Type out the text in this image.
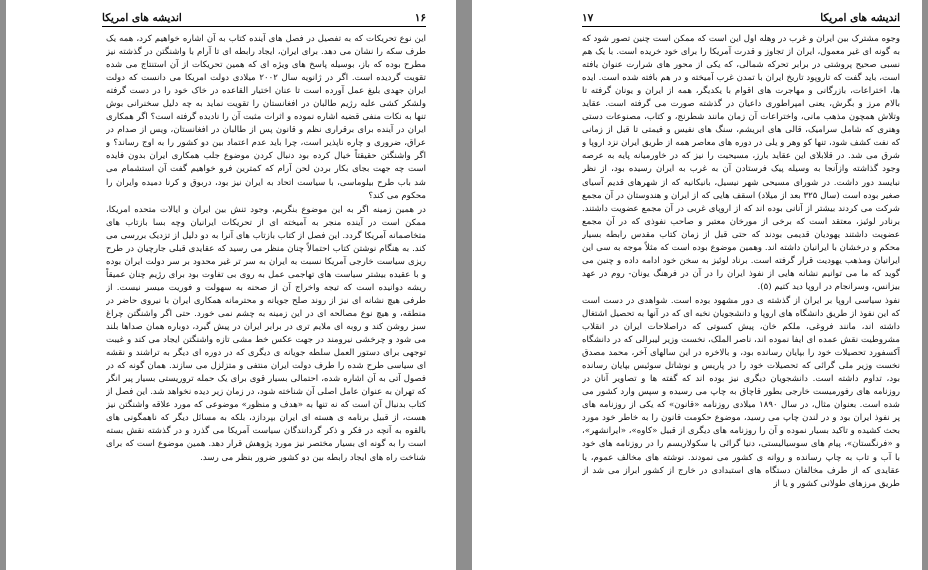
۱۶
اندیشه های امریکا

این نوع تحریکات که به تفصیل در فصل های آینده کتاب به آن اشاره خواهیم کرد، همه یک طرف سکه را نشان می دهد. برای ایران، ایجاد رابطه ای تا آرام با واشنگتن در گذشته نیز مطرح بوده که باز، بوسیله پاسخ های ویژه ای که همین تحریکات از آن استنتاج می شده تقویت گردیده است. اگر در ژانویه سال ۲۰۰۲ میلادی دولت امریکا می دانست که دولت ایران جهدی بلیغ عمل آورده است تا عنان اختیار القاعده در خاک خود را در دست گرفته ولشکر کشی علیه رژیم طالبان در افغانستان را تقویت نماید به چه دلیل سخنرانی بوش تنها به نکات منفی قضیه اشاره نموده و اثرات مثبت آن را نادیده گرفته است؟ اگر همکاری ایران در آینده برای برقراری نظم و قانون پس از طالبان در افغانستان، ویس از صدام در عراق، ضروری و چاره ناپذیر است، چرا باید عدم اعتماد بین دو کشور را به اوج رساند؟ و اگر واشنگتن حقیقتاً خیال کرده بود دنبال کردن موضوع جلب همکاری ایران بدون فایده است چه جهت بجای بکار بردن لحن آرام که کمترین فرو خواهیم گفت آن استشمام می شد باب طرح بیلوماسی، با سیاست اتحاد به ایران نیز بود، دربوق و کرنا دمیده وایران را محکوم می کند؟

در همین زمینه اگر به این موضوع بنگریم، وجود تنش بین ایران و ایالات متحده امریکا، ممکن است در آینده منجر به آمیخته ای از تحریکات ایرانیان وچه بسا بازتاب های متخاصمانه آمریکا گردد. این فصل از کتاب بازتاب های آنرا به دو دلیل از تزدیک بررسی می کند. به هنگام نوشتن کتاب احتمالاً چنان منظر می رسید که عقایدی قبلی جارچیان در طرح ریزی سیاست خارجی آمریکا نسبت به ایران به سر تر غیر محدود بر سر دولت ایران بوده و با عقیده بیشتر سیاست های تهاجمی عمل به روی بی تفاوت بود برای رژیم چنان عمیقاً ریشه دوانیده است که تیجه واخراج آن از صحنه به سهولت و فوریت میسر نیست. از طرفی هیچ نشانه ای نیز از روند صلح جویانه و محترمانه همکاری ایران با نیروی حاضر در منطقه، و هیچ نوع مصالحه ای در این زمینه به چشم نمی خورد. حتی اگر واشنگتن چراغ سبز روشن کند و روبه ای ملایم تری در برابر ایران در پیش گیرد، دوباره همان صداها بلند می شود و چرخشی نیرومند در جهت عکس خط مشی تازه واشنگتن ایجاد می کند و غیبت توجهی برای دستور العمل سلطه جویانه ی دیگری که در دوره ای دیگر به تراشند و نقشه ای سیاسی طرح شده را طرف دولت ایران منتفی و متزلزل می سازند. همان گونه که در فصول آتی به آن اشاره شده، احتمالی بسیار قوی برای یک حمله تروریستی بسیار پیر انگر که تهران به عنوان عامل اصلی آن شناخته شود، در زمان زیر دیده نخواهد شد. این فصل از کتاب بدنبال آن است که نه تنها به «هدف و منظور» موضوعی که مورد علاقه واشنگتن نیز هست، از قبیل برنامه ی هسته ای ایران بپردازد، بلکه به مسائل دیگر که ناهمگونی های بالقوه به آنچه در فکر و ذکر گردانندگان سیاست آمریکا می گذرد و در گذشته نقش بسته است را به گونه ای بسیار مختصر نیز مورد پژوهش قرار دهد. همین موضوع است که برای شناخت راه های ایجاد رابطه بین دو کشور ضرور بنظر می رسد.

اندیشه های امریکا
۱۷

وجوه مشترک بین ایران و غرب در وهله اول این است که ممکن است چنین تصور شود که به گونه ای غیر معمول، ایران از تجاوز و قدرت آمریکا را برای خود خریده است. با یک هم نسبی صحیح پروشتی در برابر تحرکه شمالی، که یکی از محور های شرارت عنوان یافته است، باید گفت که تاروپود تاریخ ایران با تمدن غرب آمیخته و در هم بافته شده است. ایده ها، اختراعات، بازرگانی و مهاجرت های اقوام با یکدیگر، همه از ایران و یونان گرفته تا بالام مرز و بگرش، یعنی امپراطوری داعیان در گذشته صورت می گرفته است. عقاید وتلاش همچون مذهب مانی، واختراعات آن زمان مانند شطرنج، و کتاب، مصنوعات دستی وهنری که شامل سرامیک، قالی های ابریشم، سنگ های نفیس و قیمتی تا قبل از زمانی که نفت کشف شود، تنها کو وهر و یلی در دوره های معاصر همه از طریق ایران نزد اروپا و شرق می شد. در قلابلای این عقاید بارز، مسیحیت را نیز که در خاورمیانه پایه به عرصه وجود گذاشته وازآنجا به وسیله پیک فرستادن آن به غرب به ایران رسیده بود، از نظر نبایسد دور داشت. در شورای مسیحی شهر نیسیل، بانیکانیه که از شهرهای قدیم آسیای صغیر بوده است (سال ۳۲۵ بعد از میلاد) اسقف هایی که از ایران و هندوستان در آن مجمع شرکت می کردند بیشتر از آنانی بوده اند که از اروپای غربی در آن مجمع عضویت داشتند. برنادر لوئیز، معتقد است که برخی از مورخان معتبر و صاحب نفوذی که در آن مجمع عضویت داشتند یهودیان قدیمی بودند که حتی قبل از زمان کتاب مقدس رابطه بسیار محکم و درخشان با ایرانیان داشته اند. وهمین موضوع بوده است که مثلاً موجه به سی این ایرانیان ومذهب یهودیت قرار گرفته است. برناد لوئیز به سخن خود ادامه داده و چنین می گوید که ما می توانیم نشانه هایی از نفوذ ایران را در آن در فرهنگ یونان- روم در عهد بیزانس، وسرانجام در اروپا دید کتیم (۵).

نفوذ سیاسی اروپا بر ایران از گذشته ی دور مشهود بوده است. شواهدی در دست است که این نفوذ از طریق دانشگاه های اروپا و دانشجویان نخبه ای که در آنها به تحصیل اشتغال داشته اند، مانند فروغی، ملکم خان، پیش کسوتی که دراصلاحات ایران در انقلاب مشروطیت نقش عمده ای ایفا نموده اند، ناصر الملک، نخست وزیر لیبرالی که در دانشگاه آکسفورد تحصیلات خود را بپایان رسانده بود، و بالاخره در این سالهای آخر، محمد مصدق نخست وزیر ملی گرائی که تحصیلات خود را در پاریس و نوشاتل سوئیس بپایان رسانده بود، تداوم داشته است. دانشجویان دیگری نیز بوده اند که گفته ها و تصاویر آنان در روزنامه های رفورمیست خارجی بطور قاچاق به چاپ می رسیده و سپس وارد کشور می شده است. بعنوان مثال، در سال ۱۸۹۰ میلادی روزنامه «قانون» که یکی از روزنامه های پر نفوذ ایران بود و در لندن چاپ می رسید، موضوع حکومت قانون را به خاطر خود مورد بحث کشیده و تاکید بسیار نموده و آن را روزنامه های دیگری از قبیل «کاوه»، «ایرانشهر»، و «فرنگستان»، پیام های سوسیالیستی، دنیا گرائی یا سکولاریسم را در روزنامه های خود با آب و تاب به چاپ رسانده و روانه ی کشور می نمودند. نوشته های مخالف عموم، یا عقایدی که از طرف مخالفان دستگاه های استبدادی در خارج از کشور ابراز می شد از طریق مرزهای طولانی کشور و یا از
